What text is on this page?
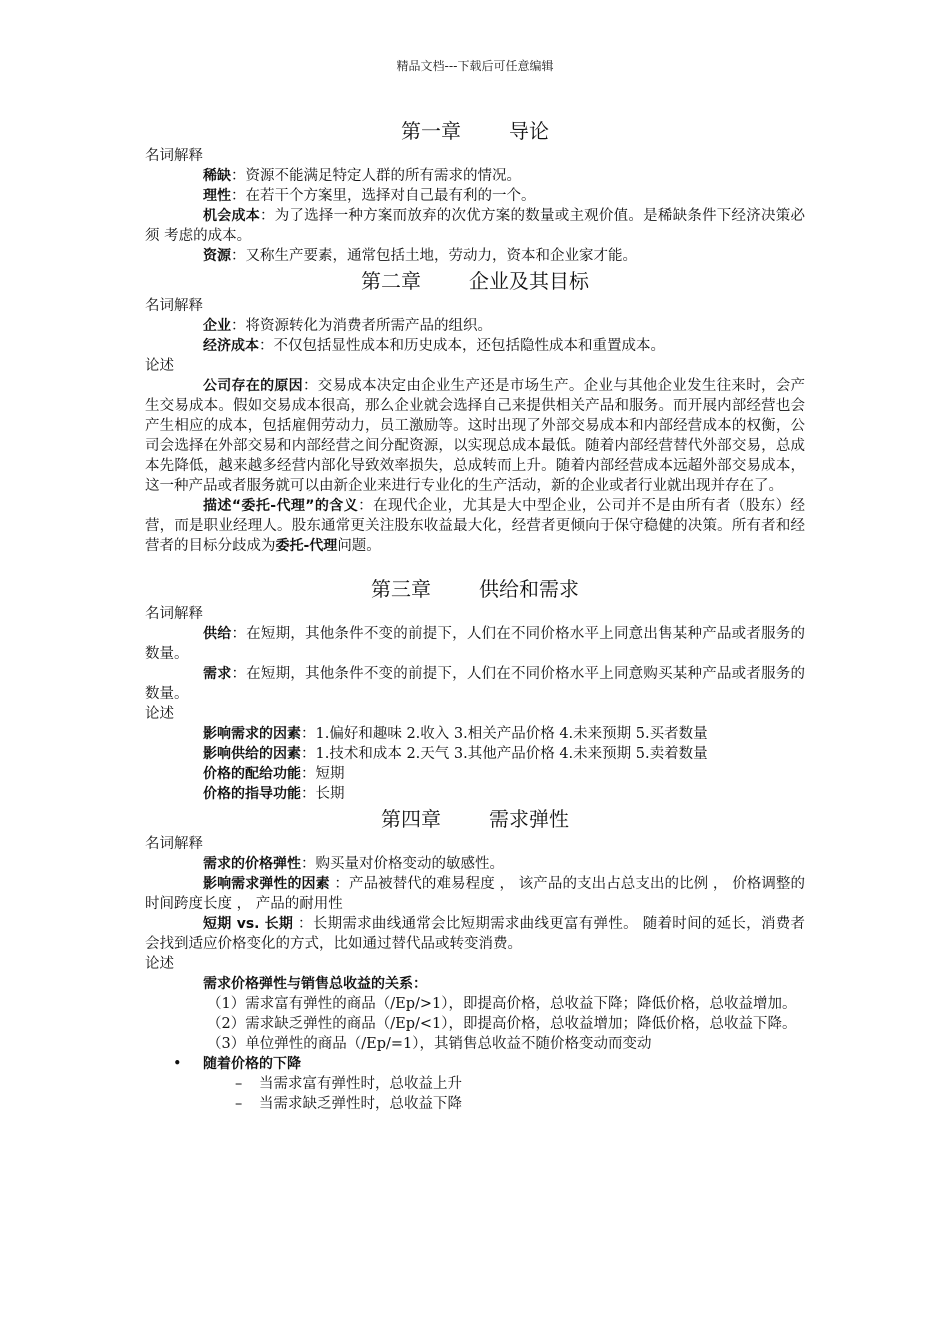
精品文档---下载后可任意编辑
第一章 导论

名词解释

稀缺：资源不能满足特定人群的所有需求的情况。

理性：在若干个方案里，选择对自己最有利的一个。

机会成本：为了选择一种方案而放弃的次优方案的数量或主观价值。是稀缺条件下经济决策必须 考虑的成本。

资源：又称生产要素，通常包括土地，劳动力，资本和企业家才能。

第二章 企业及其目标

名词解释

企业：将资源转化为消费者所需产品的组织。

经济成本：不仅包括显性成本和历史成本，还包括隐性成本和重置成本。

论述

公司存在的原因：交易成本决定由企业生产还是市场生产。企业与其他企业发生往来时，会产生交易成本。假如交易成本很高，那么企业就会选择自己来提供相关产品和服务。而开展内部经营也会产生相应的成本，包括雇佣劳动力，员工激励等。这时出现了外部交易成本和内部经营成本的权衡，公司会选择在外部交易和内部经营之间分配资源，以实现总成本最低。随着内部经营替代外部交易，总成本先降低，越来越多经营内部化导致效率损失，总成转而上升。随着内部经营成本远超外部交易成本，这一种产品或者服务就可以由新企业来进行专业化的生产活动，新的企业或者行业就出现并存在了。

描述“委托-代理”的含义：在现代企业，尤其是大中型企业，公司并不是由所有者（股东）经营，而是职业经理人。股东通常更关注股东收益最大化，经营者更倾向于保守稳健的决策。所有者和经营者的目标分歧成为委托-代理问题。

第三章 供给和需求

名词解释

供给：在短期，其他条件不变的前提下，人们在不同价格水平上同意出售某种产品或者服务的数量。

需求：在短期，其他条件不变的前提下，人们在不同价格水平上同意购买某种产品或者服务的数量。

论述

影响需求的因素：1.偏好和趣味 2.收入 3.相关产品价格 4.未来预期 5.买者数量

影响供给的因素：1.技术和成本 2.天气 3.其他产品价格 4.未来预期 5.卖着数量

价格的配给功能：短期

价格的指导功能：长期

第四章 需求弹性

名词解释

需求的价格弹性：购买量对价格变动的敏感性。

影响需求弹性的因素 ：产品被替代的难易程度 ， 该产品的支出占总支出的比例 ， 价格调整的时间跨度长度 ， 产品的耐用性

短期 vs. 长期 ：长期需求曲线通常会比短期需求曲线更富有弹性。 随着时间的延长，消费者会找到适应价格变化的方式，比如通过替代品或转变消费。

论述

需求价格弹性与销售总收益的关系：

（1）需求富有弹性的商品（/Ep/>1），即提高价格，总收益下降；降低价格，总收益增加。

（2）需求缺乏弹性的商品（/Ep/<1），即提高价格，总收益增加；降低价格，总收益下降。

（3）单位弹性的商品（/Ep/=1），其销售总收益不随价格变动而变动

• 随着价格的下降

– 当需求富有弹性时，总收益上升

– 当需求缺乏弹性时，总收益下降
